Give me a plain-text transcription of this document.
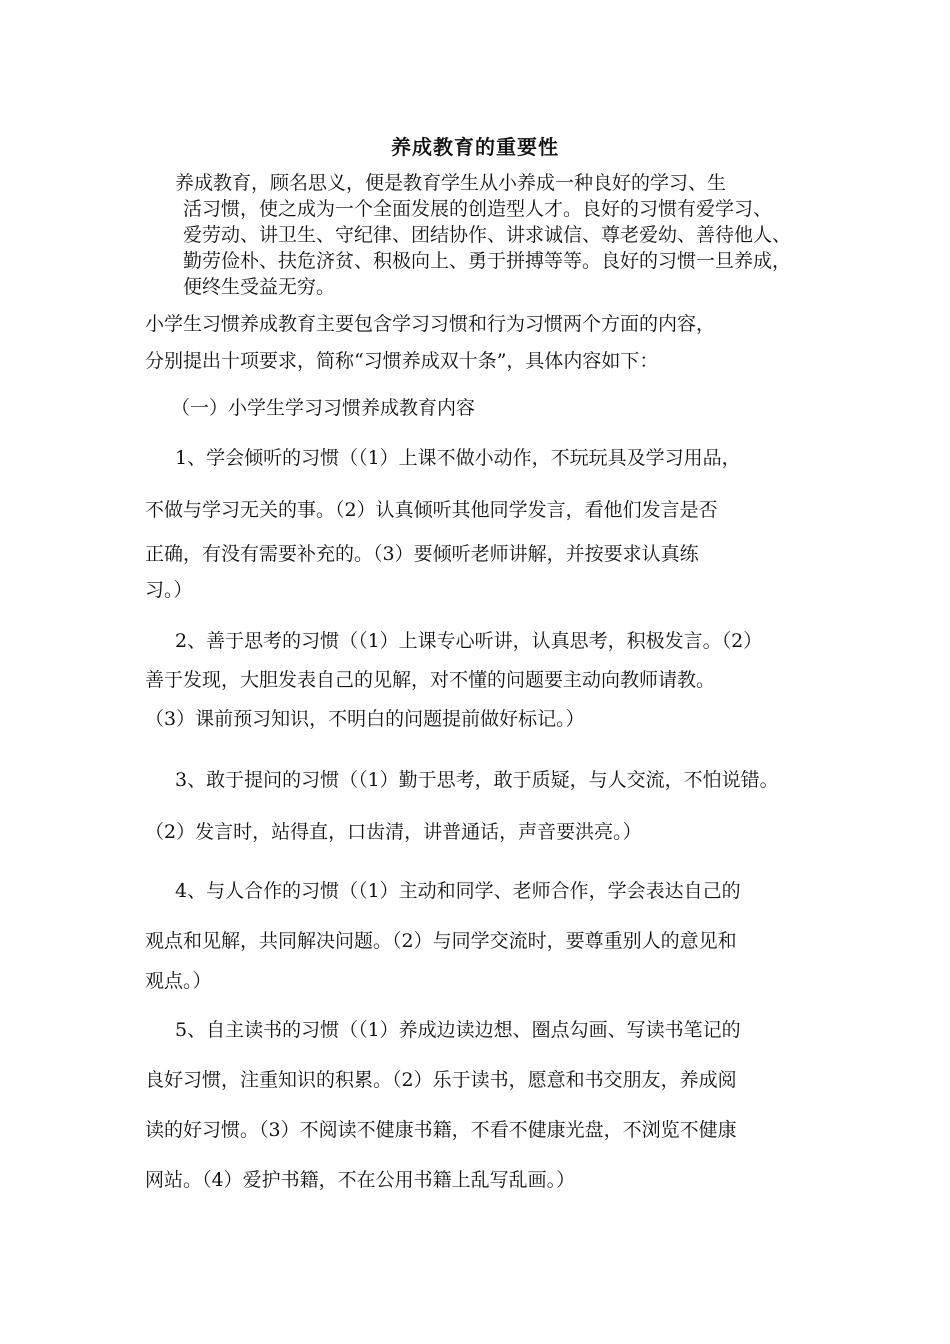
养成教育的重要性
养成教育，顾名思义，便是教育学生从小养成一种良好的学习、生
活习惯，使之成为一个全面发展的创造型人才。良好的习惯有爱学习、
爱劳动、讲卫生、守纪律、团结协作、讲求诚信、尊老爱幼、善待他人、
勤劳俭朴、扶危济贫、积极向上、勇于拼搏等等。良好的习惯一旦养成，
便终生受益无穷。
小学生习惯养成教育主要包含学习习惯和行为习惯两个方面的内容，
分别提出十项要求，简称“习惯养成双十条”，具体内容如下：
（一）小学生学习习惯养成教育内容
1、学会倾听的习惯（（1）上课不做小动作，不玩玩具及学习用品，
不做与学习无关的事。（2）认真倾听其他同学发言，看他们发言是否
正确，有没有需要补充的。（3）要倾听老师讲解，并按要求认真练
习。）
2、善于思考的习惯（（1）上课专心听讲，认真思考，积极发言。（2）
善于发现，大胆发表自己的见解，对不懂的问题要主动向教师请教。
（3）课前预习知识，不明白的问题提前做好标记。）
3、敢于提问的习惯（（1）勤于思考，敢于质疑，与人交流，不怕说错。
（2）发言时，站得直，口齿清，讲普通话，声音要洪亮。）
4、与人合作的习惯（（1）主动和同学、老师合作，学会表达自己的
观点和见解，共同解决问题。（2）与同学交流时，要尊重别人的意见和
观点。）
5、自主读书的习惯（（1）养成边读边想、圈点勾画、写读书笔记的
良好习惯，注重知识的积累。（2）乐于读书，愿意和书交朋友，养成阅
读的好习惯。（3）不阅读不健康书籍，不看不健康光盘，不浏览不健康
网站。（4）爱护书籍，不在公用书籍上乱写乱画。）
